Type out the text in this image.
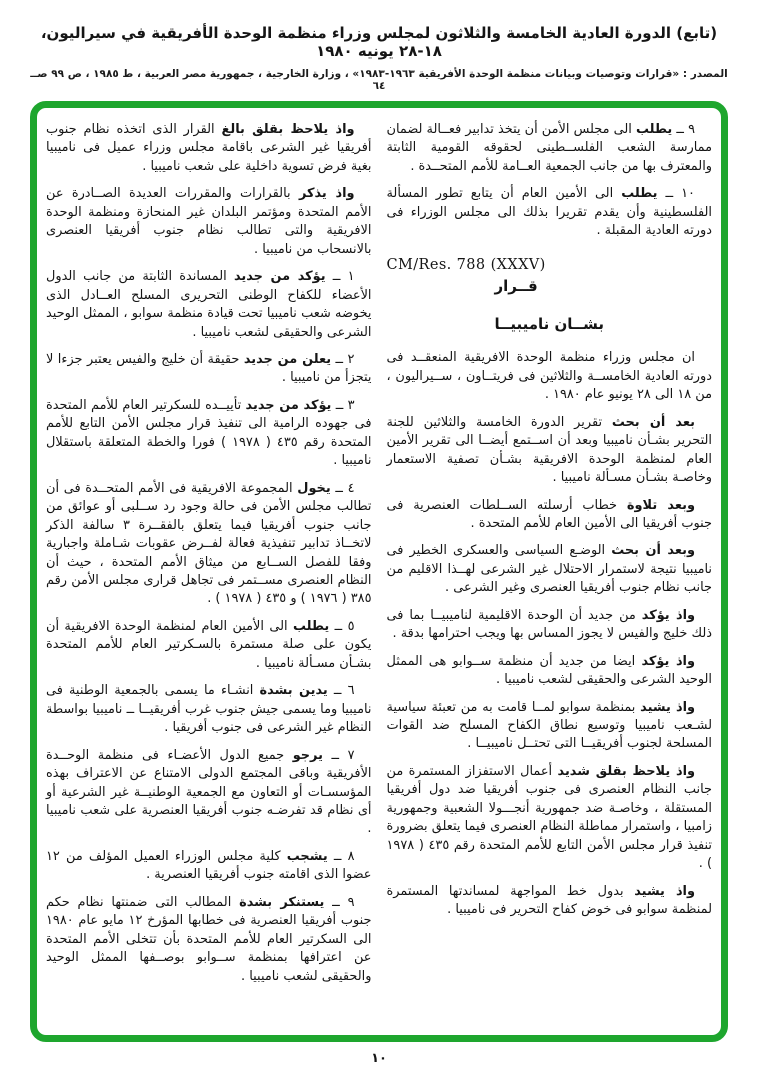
(تابع) الدورة العادية الخامسة والثلاثون لمجلس وزراء منظمة الوحدة الأفريقية في سيراليون، ١٨-٢٨ يونيه ١٩٨٠
المصدر : «قرارات وتوصيات وبيانات منظمة الوحدة الأفريقية ١٩٦٣-١٩٨٣» ، وزارة الخارجية ، جمهورية مصر العربية ، ط ١٩٨٥ ، ص ٩٩ صــ ٦٤

٩ ــ يطلب الى مجلس الأمن أن يتخذ تدابير فعــالة لضمان ممارسة الشعب الفلســطينى لحقوقه القومية الثابتة والمعترف بها من جانب الجمعية العــامة للأمم المتحــدة .

١٠ ــ يطلب الى الأمين العام أن يتابع تطور المسألة الفلسطينية وأن يقدم تقريرا بذلك الى مجلس الوزراء فى دورته العادية المقبلة .

CM/Res. 788 (XXXV)
قــرار
بشــان ناميبيــا

ان مجلس وزراء منظمة الوحدة الافريقية المنعقــد فى دورته العادية الخامســة والثلاثين فى فريتــاون ، ســيراليون ، من ١٨ الى ٢٨ يونيو عام ١٩٨٠ .

بعد أن بحث تقرير الدورة الخامسة والثلاثين للجنة التحرير بشـأن ناميبيا وبعد أن اســتمع أيضــا الى تقرير الأمين العام لمنظمة الوحدة الافريقية بشـأن تصفية الاستعمار وخاصـة بشـأن مسـألة ناميبيا .

وبعد تلاوة خطاب أرسلته الســلطات العنصرية فى جنوب أفريقيا الى الأمين العام للأمم المتحدة .

وبعد أن بحث الوضـع السياسى والعسكرى الخطير فى ناميبيا نتيجة لاستمرار الاحتلال غير الشرعى لهــذا الاقليم من جانب نظام جنوب أفريقيا العنصرى وغير الشرعى .

واذ يؤكد من جديد أن الوحدة الاقليمية لناميبيــا بما فى ذلك خليج والفيس لا يجوز المساس بها ويجب احترامها بدقة .

واذ يؤكد ايضا من جديد أن منظمة ســوابو هى الممثل الوحيد الشرعى والحقيقى لشعب ناميبيا .

واذ يشيد بمنظمة سوابو لمــا قامت به من تعبئة سياسية لشـعب ناميبيا وتوسيع نطاق الكفاح المسلح ضد القوات المسلحة لجنوب أفريقيــا التى تحتــل ناميبيــا .

واذ يلاحظ بقلق شديد أعمال الاستفزاز المستمرة من جانب النظام العنصرى فى جنوب أفريقيا ضد دول أفريقيا المستقلة ، وخاصـة ضد جمهورية أنجـــولا الشعبية وجمهورية زامبيا ، واستمرار مماطلة النظام العنصرى فيما يتعلق بضرورة تنفيذ قرار مجلس الأمن التابع للأمم المتحدة رقم ٤٣٥ ( ١٩٧٨ ) .

واذ يشيد بدول خط المواجهة لمساندتها المستمرة لمنظمة سوابو فى خوض كفاح التحرير فى ناميبيا .

واذ يلاحظ بقلق بالغ القرار الذى اتخذه نظام جنوب أفريقيا غير الشرعى باقامة مجلس وزراء عميل فى ناميبيا بغية فرض تسوية داخلية على شعب ناميبيا .

واذ يذكر بالقرارات والمقررات العديدة الصــادرة عن الأمم المتحدة ومؤتمر البلدان غير المنحازة ومنظمة الوحدة الافريقية والتى تطالب نظام جنوب أفريقيا العنصرى بالانسحاب من ناميبيا .

١ ــ يؤكد من جديد المساندة الثابتة من جانب الدول الأعضاء للكفاح الوطنى التحريرى المسلح العــادل الذى يخوضه شعب ناميبيا تحت قيادة منظمة سوابو ، الممثل الوحيد الشرعى والحقيقى لشعب ناميبيا .

٢ ــ يعلن من جديد حقيقة أن خليج والفيس يعتبر جزءا لا يتجزأ من ناميبيا .

٣ ــ يؤكد من جديد تأييــده للسكرتير العام للأمم المتحدة فى جهوده الرامية الى تنفيذ قرار مجلس الأمن التابع للأمم المتحدة رقم ٤٣٥ ( ١٩٧٨ ) فورا والخطة المتعلقة باستقلال ناميبيا .

٤ ــ يخول المجموعة الافريقية فى الأمم المتحــدة فى أن تطالب مجلس الأمن فى حالة وجود رد ســلبى أو عوائق من جانب جنوب أفريقيا فيما يتعلق بالفقــرة ٣ سالفة الذكر لاتخــاذ تدابير تنفيذية فعالة لفــرض عقوبات شـاملة واجبارية وفقا للفصل الســابع من ميثاق الأمم المتحدة ، حيث أن النظام العنصرى مســتمر فى تجاهل قرارى مجلس الأمن رقم ٣٨٥ ( ١٩٧٦ ) و ٤٣٥ ( ١٩٧٨ ) .

٥ ــ يطلب الى الأمين العام لمنظمة الوحدة الافريقية أن يكون على صلة مستمرة بالسـكرتير العام للأمم المتحدة بشـأن مسـألة ناميبيا .

٦ ــ يدين بشدة انشـاء ما يسمى بالجمعية الوطنية فى ناميبيا وما يسمى جيش جنوب غرب أفريقيــا ــ ناميبيا بواسطة النظام غير الشرعى فى جنوب أفريقيا .

٧ ــ يرجو جميع الدول الأعضـاء فى منظمة الوحــدة الأفريقية وباقى المجتمع الدولى الامتناع عن الاعتراف بهذه المؤسسـات أو التعاون مع الجمعية الوطنيــة غير الشرعية أو أى نظام قد تفرضـه جنوب أفريقيا العنصرية على شعب ناميبيا .

٨ ــ يشجب كلية مجلس الوزراء العميل المؤلف من ١٢ عضوا الذى اقامته جنوب أفريقيا العنصرية .

٩ ــ يستنكر بشدة المطالب التى ضمنتها نظام حكم جنوب أفريقيا العنصرية فى خطابها المؤرخ ١٢ مايو عام ١٩٨٠ الى السكرتير العام للأمم المتحدة بأن تتخلى الأمم المتحدة عن اعترافها بمنظمة ســوابو بوصــفها الممثل الوحيد والحقيقى لشعب ناميبيا .

١٠
